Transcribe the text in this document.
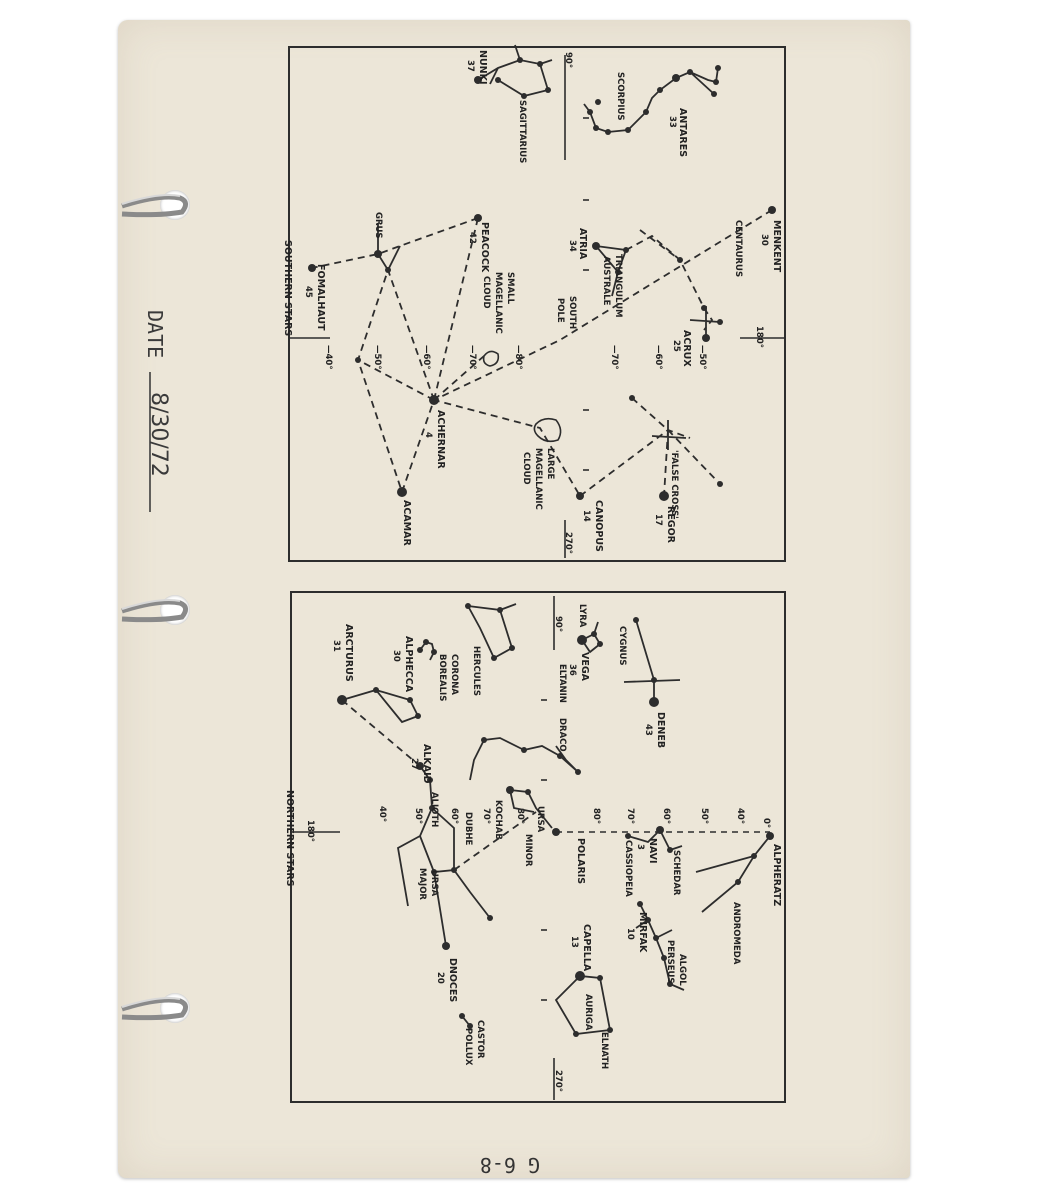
DATE
8/30/72
G 6-8
SOUTHERN STARS
90°
180°
270°
—40°	—50°	—60°	—70°	—80°	—70°	—60°	—50°
NUNKI
37
SAGITTARIUS	ANTARES
33
SCORPIUS
MENKENT
30
CENTAURUS
ATRIA
34
TRIANGULUM
AUSTRALE
ACRUX
25
GRUS	PEACOCK
42
FOMALHAUT
45	SMALL
MAGELLANIC
CLOUD
SOUTH
POLE
ACHERNAR
4
ACAMAR
LARGE
MAGELLANIC
CLOUD
CANOPUS
14	'FALSE CROSS'
REGOR
17
NORTHERN STARS
90°
180°
270°
0°
40°	50°	60°	70°	80°	80°	70°	60°	50°	40°
HERCULES
CORONA
BOREALIS
ALPHECCA
30
LYRA
VEGA
36
CYGNUS
DENEB
43
ELTANIN
DRACO
ARCTURUS
31
KOCHAB	URSA
MINOR	POLARIS
ALKAID
27
ALIOTH
DUBHE
URSA
MAJOR
DNOCES
20
NAVI
3
CASSIOPEIA	SCHEDAR	ALPHERATZ
ANDROMEDA
MIRFAK
10
ALGOL
PERSEUS
CAPELLA
13
AURIGA
ELNATH
CASTOR
POLLUX
